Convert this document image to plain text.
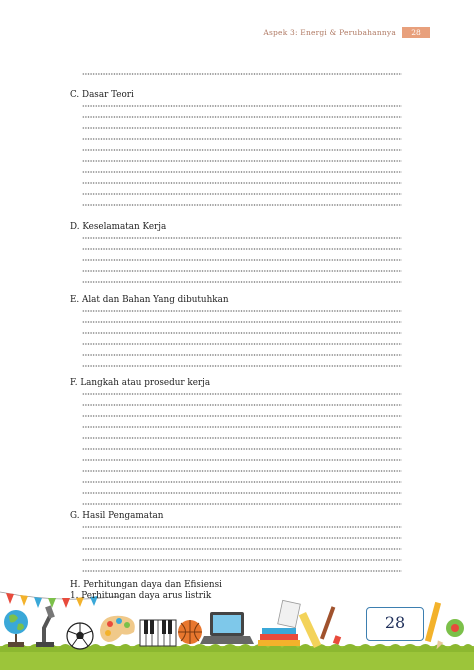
Aspek 3: Energi & Perubahannya	28
C. Dasar Teori
D. Keselamatan Kerja
E. Alat dan Bahan Yang dibutuhkan
F. Langkah atau prosedur kerja
G. Hasil Pengamatan
H. Perhitungan daya dan Efisiensi
1. Perhitungan daya arus listrik
28
